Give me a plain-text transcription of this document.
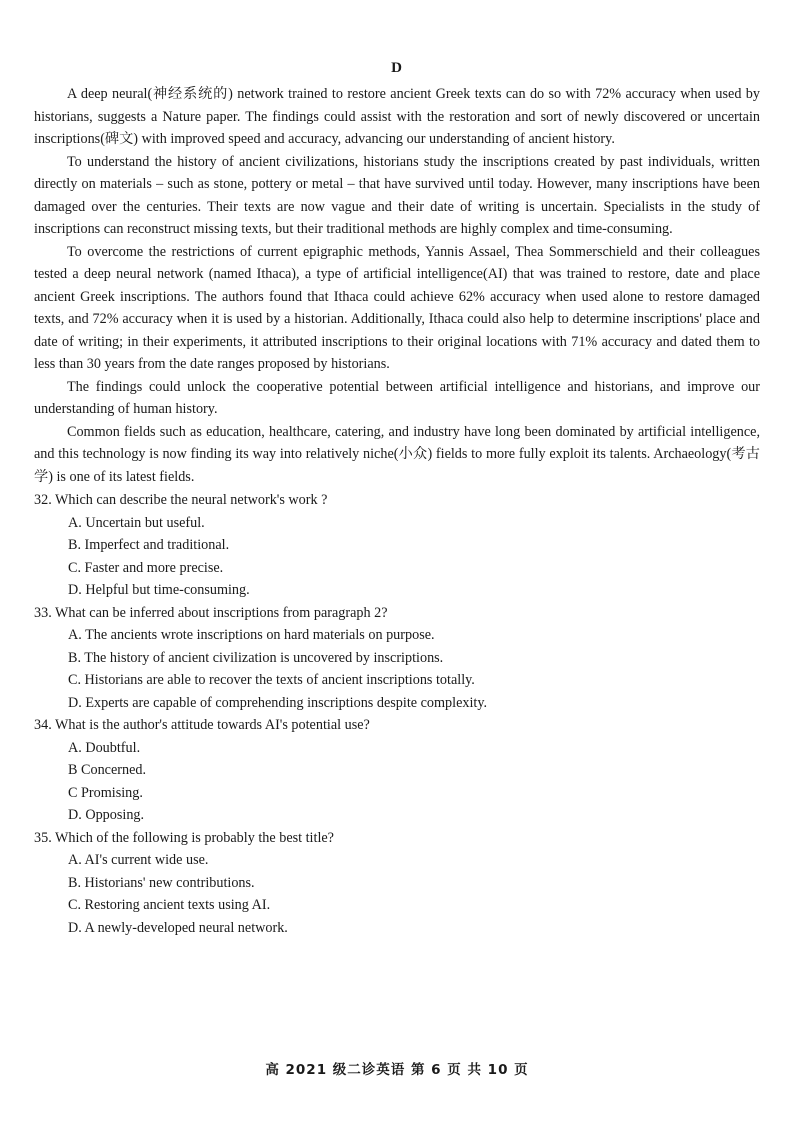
D

A deep neural(神经系统的) network trained to restore ancient Greek texts can do so with 72% accuracy when used by historians, suggests a Nature paper. The findings could assist with the restoration and sort of newly discovered or uncertain inscriptions(碑文) with improved speed and accuracy, advancing our understanding of ancient history.

To understand the history of ancient civilizations, historians study the inscriptions created by past individuals, written directly on materials – such as stone, pottery or metal – that have survived until today. However, many inscriptions have been damaged over the centuries. Their texts are now vague and their date of writing is uncertain. Specialists in the study of inscriptions can reconstruct missing texts, but their traditional methods are highly complex and time-consuming.

To overcome the restrictions of current epigraphic methods, Yannis Assael, Thea Sommerschield and their colleagues tested a deep neural network (named Ithaca), a type of artificial intelligence(AI) that was trained to restore, date and place ancient Greek inscriptions. The authors found that Ithaca could achieve 62% accuracy when used alone to restore damaged texts, and 72% accuracy when it is used by a historian. Additionally, Ithaca could also help to determine inscriptions' place and date of writing; in their experiments, it attributed inscriptions to their original locations with 71% accuracy and dated them to less than 30 years from the date ranges proposed by historians.

The findings could unlock the cooperative potential between artificial intelligence and historians, and improve our understanding of human history.

Common fields such as education, healthcare, catering, and industry have long been dominated by artificial intelligence, and this technology is now finding its way into relatively niche(小众) fields to more fully exploit its talents. Archaeology(考古学) is one of its latest fields.

32. Which can describe the neural network's work ?

A. Uncertain but useful.
B. Imperfect and traditional.
C. Faster and more precise.
D. Helpful but time-consuming.

33. What can be inferred about inscriptions from paragraph 2?

A. The ancients wrote inscriptions on hard materials on purpose.
B. The history of ancient civilization is uncovered by inscriptions.
C. Historians are able to recover the texts of ancient inscriptions totally.
D. Experts are capable of comprehending inscriptions despite complexity.

34. What is the author's attitude towards AI's potential use?

A. Doubtful.
B Concerned.
C Promising.
D. Opposing.

35. Which of the following is probably the best title?

A. AI's current wide use.
B. Historians' new contributions.
C. Restoring ancient texts using AI.
D. A newly-developed neural network.
高 2021 级二诊英语 第 6 页 共 10 页
